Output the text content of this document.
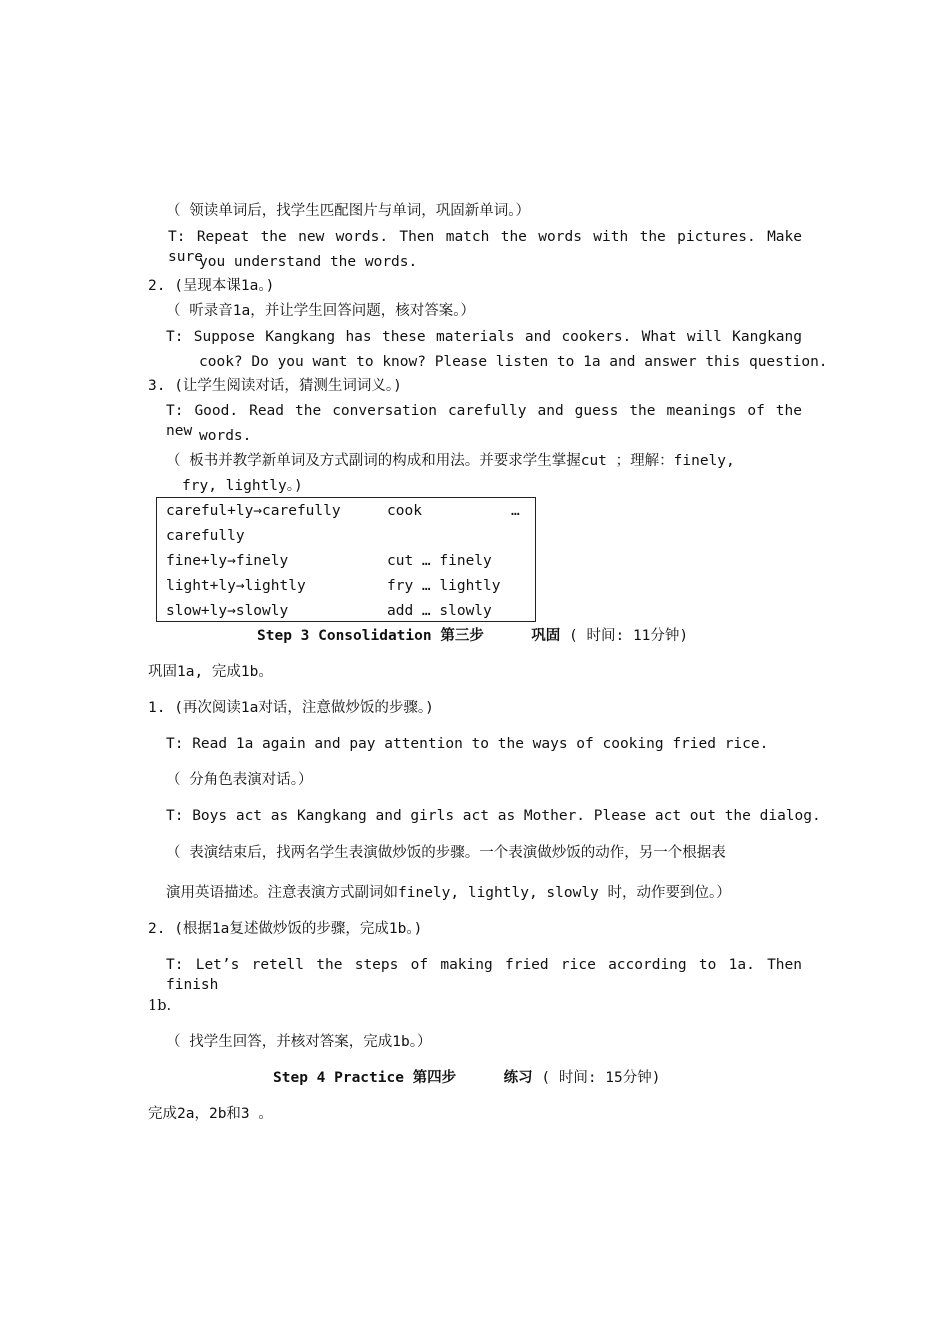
（ 领读单词后，找学生匹配图片与单词，巩固新单词。）
T: Repeat the new words. Then match the words with the pictures. Make sure
you understand the words.
2. (呈现本课1a。)
（ 听录音1a，并让学生回答问题，核对答案。）
T: Suppose Kangkang has these materials and cookers. What will Kangkang
cook? Do you want to know? Please listen to 1a and answer this question.
3. (让学生阅读对话，猜测生词词义。)
T: Good. Read the conversation carefully and guess the meanings of the new words.
（ 板书并教学新单词及方式副词的构成和用法。并要求学生掌握cut ；理解：finely,
fry, lightly。)
careful+ly→carefully	cook	…
carefully
fine+ly→finely	cut … finely
light+ly→lightly	fry … lightly
slow+ly→slowly	add … slowly
Step 3 Consolidation 第三步	巩固 ( 时间: 11分钟)
巩固1a, 完成1b。
1. (再次阅读1a对话，注意做炒饭的步骤。)
T: Read 1a again and pay attention to the ways of cooking fried rice.
（ 分角色表演对话。）
T: Boys act as Kangkang and girls act as Mother. Please act out the dialog.
（ 表演结束后，找两名学生表演做炒饭的步骤。一个表演做炒饭的动作，另一个根据表
演用英语描述。注意表演方式副词如finely, lightly, slowly 时，动作要到位。）
2. (根据1a复述做炒饭的步骤，完成1b。)
T: Let’s retell the steps of making fried rice according to 1a. Then finish
1b.
（ 找学生回答，并核对答案，完成1b。）
Step 4 Practice 第四步	练习 ( 时间: 15分钟)
完成2a，2b和3 。
